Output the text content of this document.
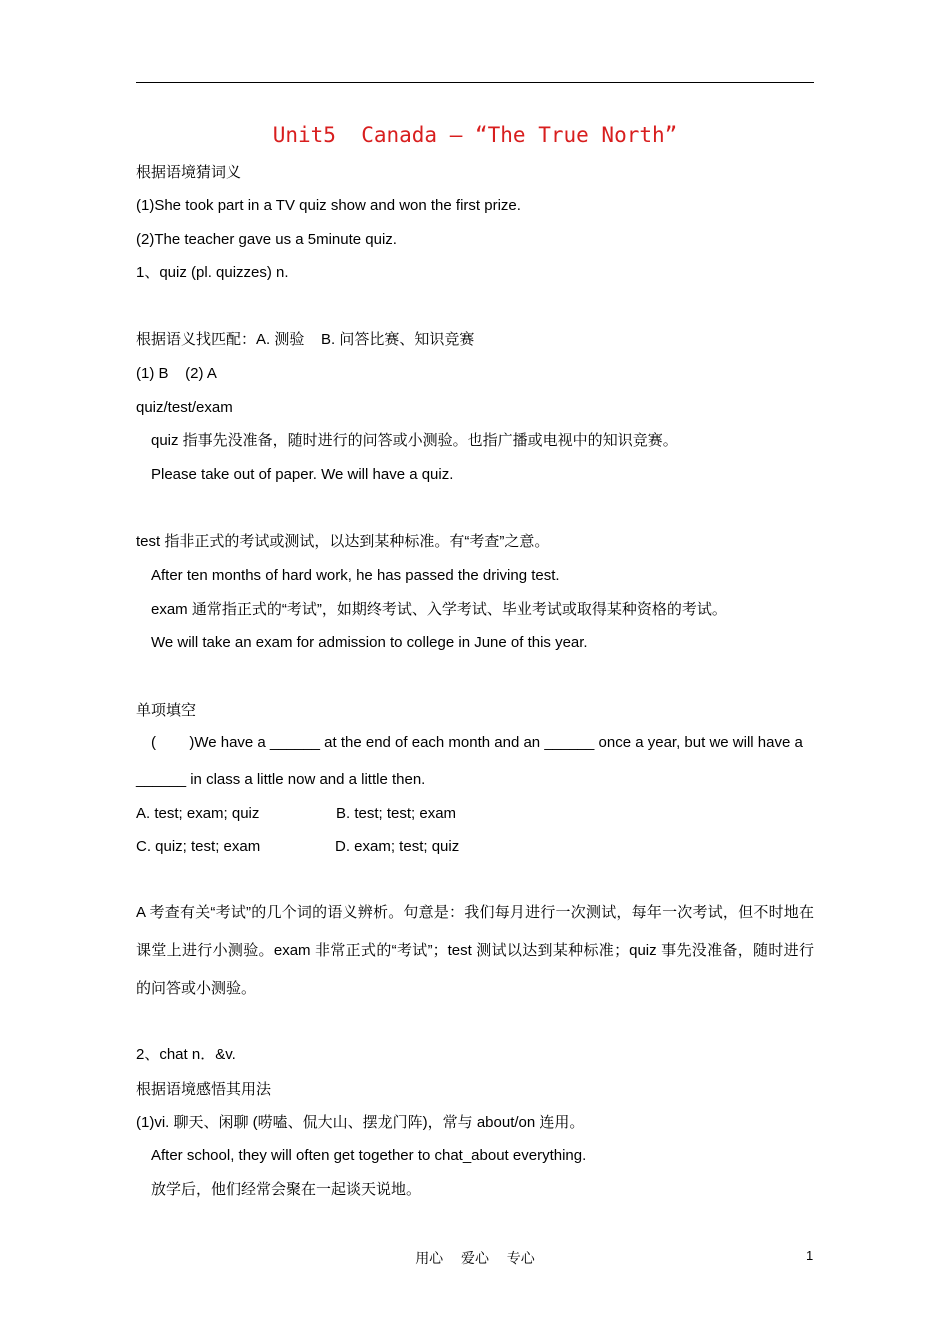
Unit5  Canada — “The True North”
根据语境猜词义
(1)She took part in a TV quiz show and won the first prize.
(2)The teacher gave us a 5minute quiz.
1、quiz (pl. quizzes) n.
根据语义找匹配：A. 测验    B. 问答比赛、知识竞赛
(1) B    (2) A
quiz/test/exam
quiz 指事先没准备，随时进行的问答或小测验。也指广播或电视中的知识竞赛。
Please take out of paper. We will have a quiz.
test 指非正式的考试或测试，以达到某种标准。有“考查”之意。
After ten months of hard work, he has passed the driving test.
exam 通常指正式的“考试”，如期终考试、入学考试、毕业考试或取得某种资格的考试。
We will take an exam for admission to college in June of this year.
单项填空
(        )We have a ______ at the end of each month and an ______ once a year, but we will have a
______ in class a little now and a little then.
A. test; exam; quiz	B. test; test; exam
C. quiz; test; exam	D. exam; test; quiz
A 考查有关“考试”的几个词的语义辨析。句意是：我们每月进行一次测试，每年一次考试，但不时地在课堂上进行小测验。exam 非常正式的“考试”；test 测试以达到某种标准；quiz 事先没准备，随时进行的问答或小测验。
2、chat n．&v.
根据语境感悟其用法
(1)vi. 聊天、闲聊 (唠嗑、侃大山、摆龙门阵)，常与 about/on 连用。
After school, they will often get together to chat_about everything.
放学后，他们经常会聚在一起谈天说地。
用心    爱心    专心	1
